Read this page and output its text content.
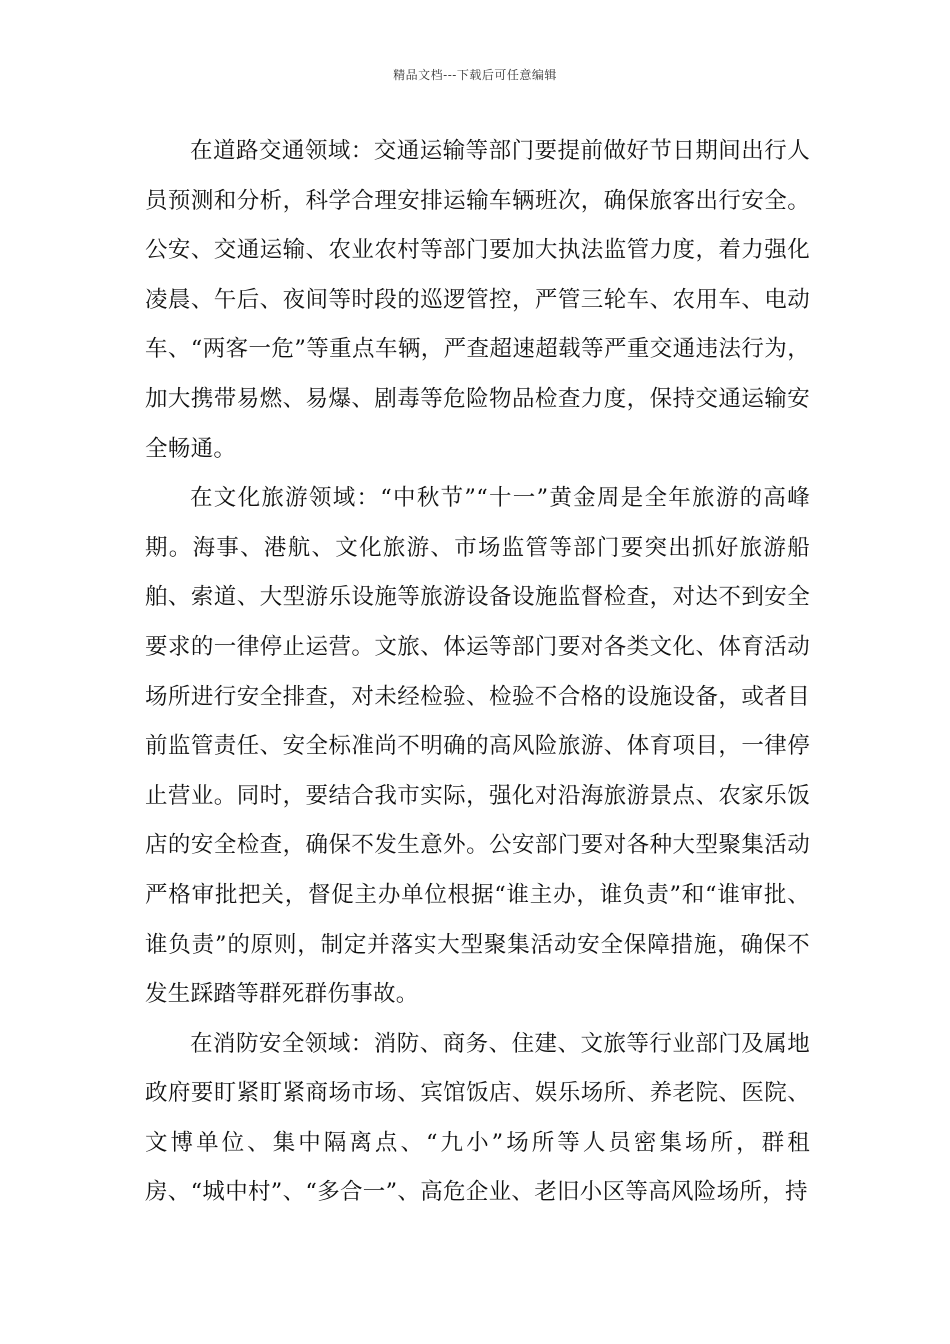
精品文档---下载后可任意编辑

在道路交通领域：交通运输等部门要提前做好节日期间出行人员预测和分析，科学合理安排运输车辆班次，确保旅客出行安全。公安、交通运输、农业农村等部门要加大执法监管力度，着力强化凌晨、午后、夜间等时段的巡逻管控，严管三轮车、农用车、电动车、“两客一危”等重点车辆，严查超速超载等严重交通违法行为，加大携带易燃、易爆、剧毒等危险物品检查力度，保持交通运输安全畅通。

在文化旅游领域：“中秋节”“十一”黄金周是全年旅游的高峰期。海事、港航、文化旅游、市场监管等部门要突出抓好旅游船舶、索道、大型游乐设施等旅游设备设施监督检查，对达不到安全要求的一律停止运营。文旅、体运等部门要对各类文化、体育活动场所进行安全排查，对未经检验、检验不合格的设施设备，或者目前监管责任、安全标准尚不明确的高风险旅游、体育项目，一律停止营业。同时，要结合我市实际，强化对沿海旅游景点、农家乐饭店的安全检查，确保不发生意外。公安部门要对各种大型聚集活动严格审批把关，督促主办单位根据“谁主办，谁负责”和“谁审批、谁负责”的原则，制定并落实大型聚集活动安全保障措施，确保不发生踩踏等群死群伤事故。

在消防安全领域：消防、商务、住建、文旅等行业部门及属地政府要盯紧盯紧商场市场、宾馆饭店、娱乐场所、养老院、医院、文博单位、集中隔离点、“九小”场所等人员密集场所，群租房、“城中村”、“多合一”、高危企业、老旧小区等高风险场所，持
